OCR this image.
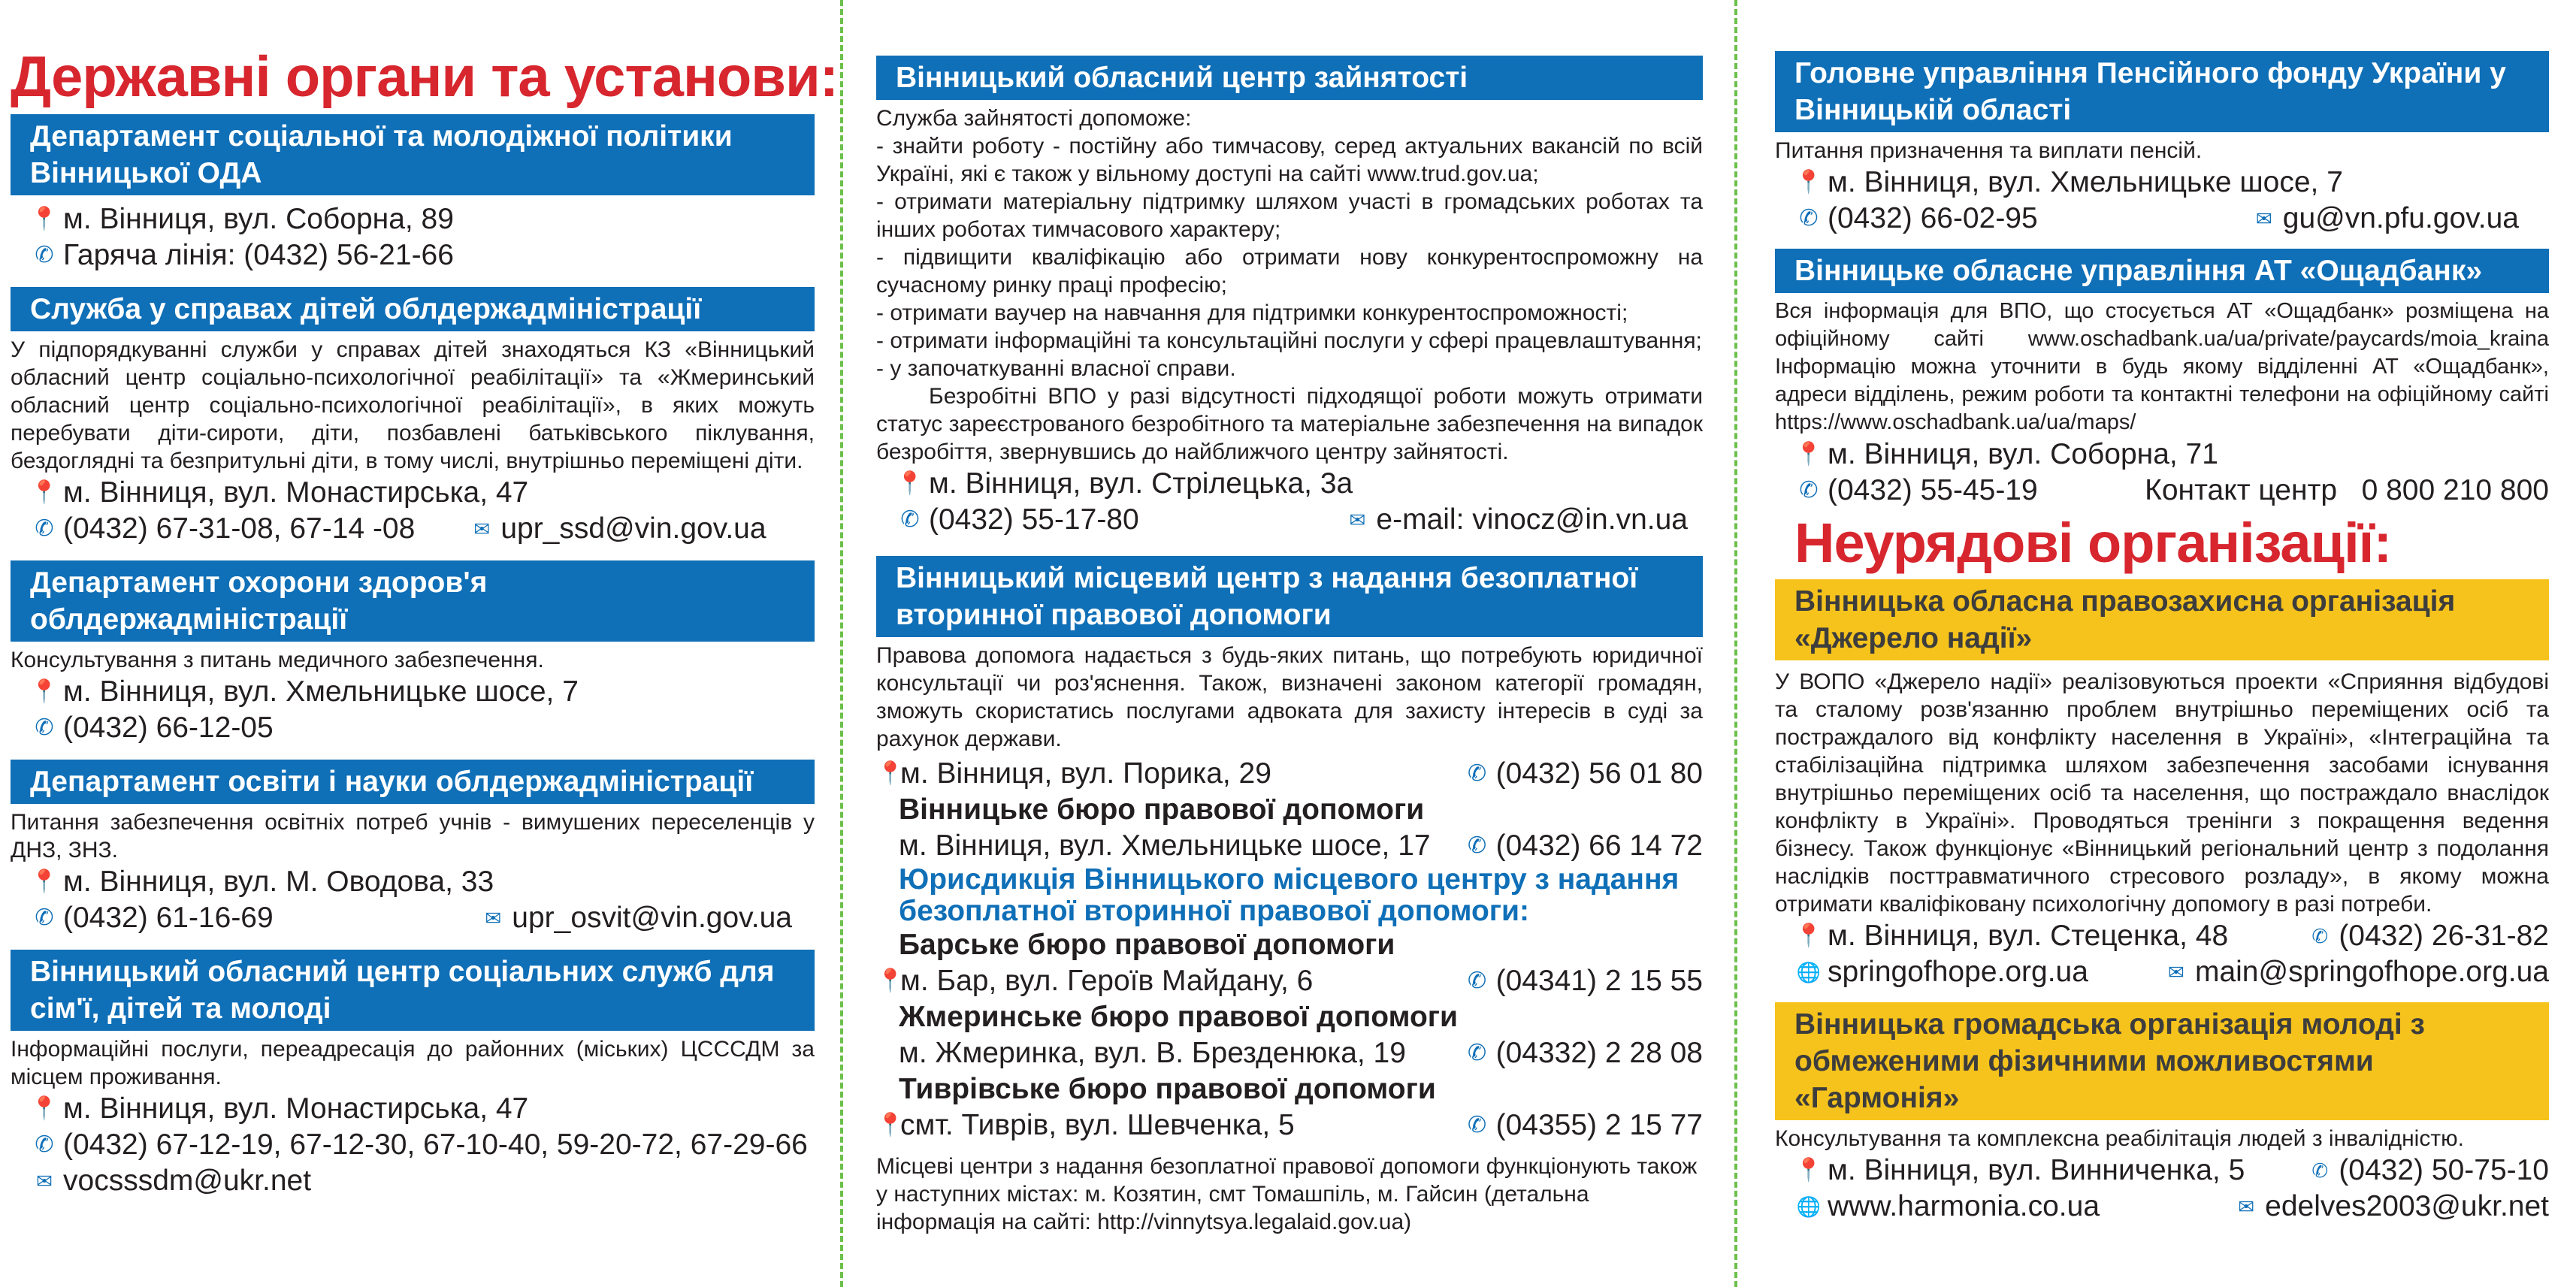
Державні органи та установи:
Департамент соціальної та молодіжної політики Вінницької ОДА
📍 м. Вінниця, вул. Соборна, 89
✆ Гаряча лінія: (0432) 56-21-66
Служба у справах дітей облдержадміністрації
У підпорядкуванні служби у справах дітей знаходяться КЗ «Вінницький обласний центр соціально-психологічної реабілітації» та «Жмеринський обласний центр соціально-психологічної реабілітації», в яких можуть перебувати діти-сироти, діти, позбавлені батьківського піклування, бездоглядні та безпритульні діти, в тому числі, внутрішньо переміщені діти.
📍 м. Вінниця, вул. Монастирська, 47
✆ (0432) 67-31-08, 67-14 -08	✉ upr_ssd@vin.gov.ua
Департамент охорони здоров'я облдержадміністрації
Консультування з питань медичного забезпечення.
📍 м. Вінниця, вул. Хмельницьке шосе, 7
✆ (0432) 66-12-05
Департамент освіти і науки облдержадміністрації
Питання забезпечення освітніх потреб учнів - вимушених переселенців у ДНЗ, ЗНЗ.
📍 м. Вінниця, вул. М. Оводова, 33
✆ (0432) 61-16-69	✉ upr_osvit@vin.gov.ua
Вінницький обласний центр соціальних служб для сім'ї, дітей та молоді
Інформаційні послуги, переадресація до районних (міських) ЦСССДМ за місцем проживання.
📍 м. Вінниця, вул. Монастирська, 47
✆ (0432) 67-12-19, 67-12-30, 67-10-40, 59-20-72, 67-29-66
✉ vocsssdm@ukr.net
Вінницький обласний центр зайнятості
Служба зайнятості допоможе:
- знайти роботу - постійну або тимчасову, серед актуальних вакансій по всій Україні, які є також у вільному доступі на сайті www.trud.gov.ua;
- отримати матеріальну підтримку шляхом участі в громадських роботах та інших роботах тимчасового характеру;
- підвищити кваліфікацію або отримати нову конкурентоспроможну на сучасному ринку праці професію;
- отримати ваучер на навчання для підтримки конкурентоспроможності;
- отримати інформаційні та консультаційні послуги у сфері працевлаштування;
- у започаткуванні власної справи.
Безробітні ВПО у разі відсутності підходящої роботи можуть отримати статус зареєстрованого безробітного та матеріальне забезпечення на випадок безробіття, звернувшись до найближчого центру зайнятості.
📍 м. Вінниця, вул. Стрілецька, 3а
✆ (0432) 55-17-80	✉ e-mail: vinocz@in.vn.ua
Вінницький місцевий центр з надання безоплатної вторинної правової допомоги
Правова допомога надається з будь-яких питань, що потребують юридичної консультації чи роз'яснення. Також, визначені законом категорії громадян, зможуть скористатись послугами адвоката для захисту інтересів в суді за рахунок держави.
📍
м. Вінниця, вул. Порика, 29	✆ (0432) 56 01 80
Вінницьке бюро правової допомоги
м. Вінниця, вул. Хмельницьке шосе, 17 ✆ (0432) 66 14 72
Юрисдикція Вінницького місцевого центру з надання безоплатної вторинної правової допомоги:
Барське бюро правової допомоги
📍
м. Бар, вул. Героїв Майдану, 6	✆ (04341) 2 15 55
Жмеринське бюро правової допомоги
м. Жмеринка, вул. В. Брезденюка, 19	✆ (04332) 2 28 08
Тиврівське бюро правової допомоги
📍
смт. Тиврів, вул. Шевченка, 5	✆ (04355) 2 15 77
Місцеві центри з надання безоплатної правової допомоги функціонують також у наступних містах: м. Козятин, смт Томашпіль, м. Гайсин (детальна інформація на сайті: http://vinnytsya.legalaid.gov.ua)
Головне управління Пенсійного фонду України у Вінницькій області
Питання призначення та виплати пенсій.
📍 м. Вінниця, вул. Хмельницьке шосе, 7
✆ (0432) 66-02-95	✉ gu@vn.pfu.gov.ua
Вінницьке обласне управління АТ «Ощадбанк»
Вся інформація для ВПО, що стосується АТ «Ощадбанк» розміщена на офіційному сайті www.oschadbank.ua/ua/private/paycards/moia_kraina Інформацію можна уточнити в будь якому відділенні АТ «Ощадбанк», адреси відділень, режим роботи та контактні телефони на офіційному сайті https://www.oschadbank.ua/ua/maps/
📍 м. Вінниця, вул. Соборна, 71
✆ (0432) 55-45-19	Контакт центр   0 800 210 800
Неурядові організації:
Вінницька обласна правозахисна організація «Джерело надії»
У ВОПО «Джерело надії» реалізовуються проекти «Сприяння відбудові та сталому розв'язанню проблем внутрішньо переміщених осіб та постраждалого від конфлікту населення в Україні», «Інтеграційна та стабілізаційна підтримка шляхом забезпечення засобами існування внутрішньо переміщених осіб та населення, що постраждало внаслідок конфлікту в Україні». Проводяться тренінги з покращення ведення бізнесу. Також функціонує «Вінницький регіональний центр з подолання наслідків посттравматичного стресового розладу», в якому можна отримати кваліфіковану психологічну допомогу в разі потреби.
📍 м. Вінниця, вул. Стеценка, 48	✆ (0432) 26-31-82
🌐 springofhope.org.ua	✉ main@springofhope.org.ua
Вінницька громадська організація молоді з обмеженими фізичними можливостями «Гармонія»
Консультування та комплексна реабілітація людей з інвалідністю.
📍 м. Вінниця, вул. Винниченка, 5	✆ (0432) 50-75-10
🌐 www.harmonia.co.ua	✉ edelves2003@ukr.net
